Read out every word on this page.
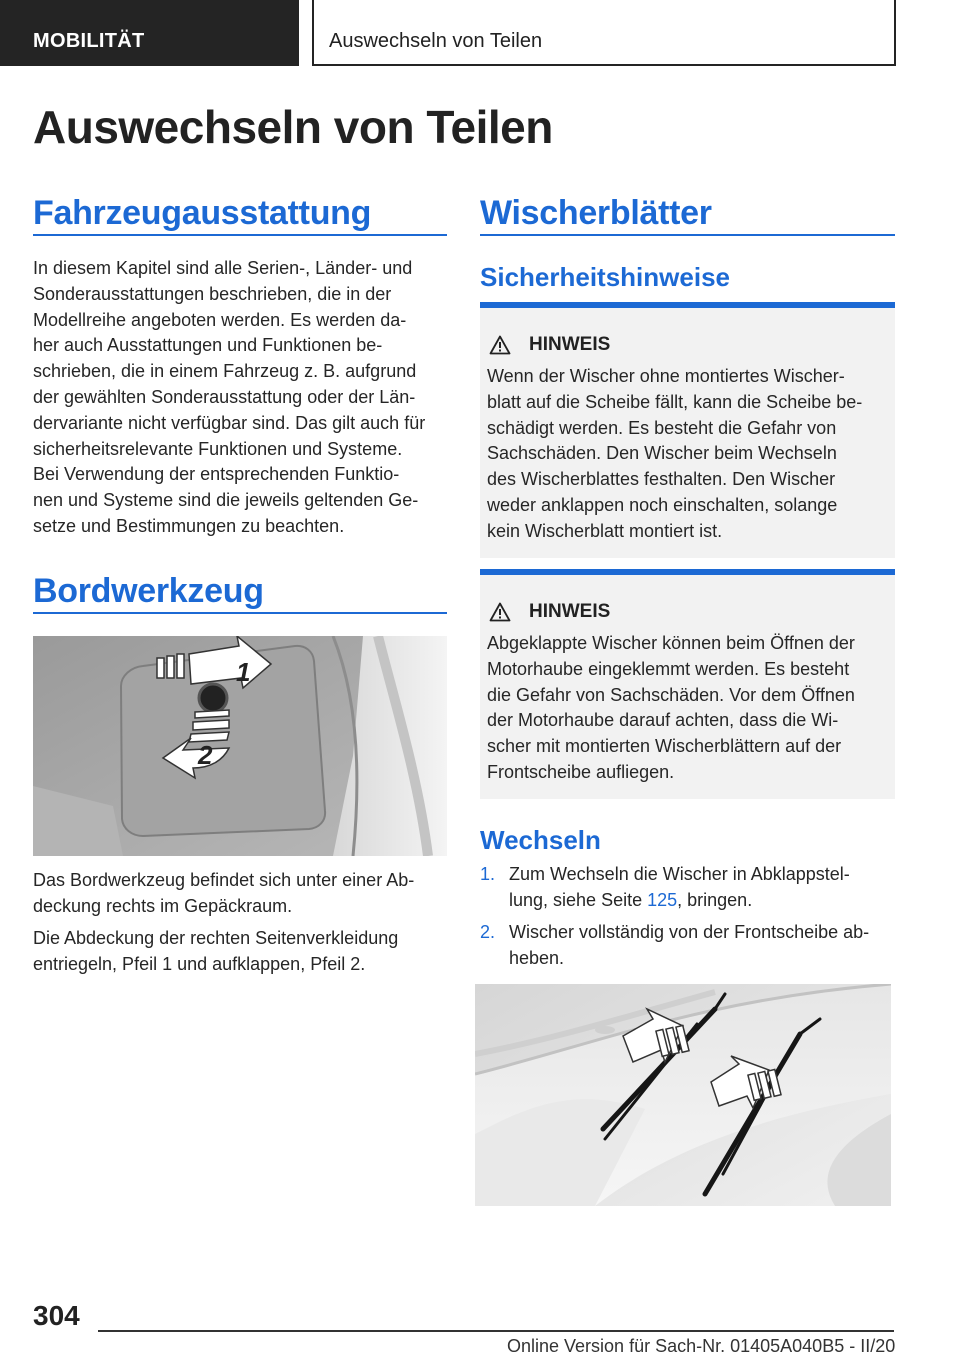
MOBILITÄT	Auswechseln von Teilen
Auswechseln von Teilen
Fahrzeugausstattung
In diesem Kapitel sind alle Serien-, Länder- und
Sonderausstattungen beschrieben, die in der
Modellreihe angeboten werden. Es werden da-
her auch Ausstattungen und Funktionen be-
schrieben, die in einem Fahrzeug z. B. aufgrund
der gewählten Sonderausstattung oder der Län-
dervariante nicht verfügbar sind. Das gilt auch für
sicherheitsrelevante Funktionen und Systeme.
Bei Verwendung der entsprechenden Funktio-
nen und Systeme sind die jeweils geltenden Ge-
setze und Bestimmungen zu beachten.
Bordwerkzeug
1
2
Das Bordwerkzeug befindet sich unter einer Ab-
deckung rechts im Gepäckraum.
Die Abdeckung der rechten Seitenverkleidung
entriegeln, Pfeil 1 und aufklappen, Pfeil 2.
Wischerblätter
Sicherheitshinweise
HINWEIS
Wenn der Wischer ohne montiertes Wischer-
blatt auf die Scheibe fällt, kann die Scheibe be-
schädigt werden. Es besteht die Gefahr von
Sachschäden. Den Wischer beim Wechseln
des Wischerblattes festhalten. Den Wischer
weder anklappen noch einschalten, solange
kein Wischerblatt montiert ist.
HINWEIS
Abgeklappte Wischer können beim Öffnen der
Motorhaube eingeklemmt werden. Es besteht
die Gefahr von Sachschäden. Vor dem Öffnen
der Motorhaube darauf achten, dass die Wi-
scher mit montierten Wischerblättern auf der
Frontscheibe aufliegen.
Wechseln
1. Zum Wechseln die Wischer in Abklappstel-
lung, siehe Seite 125, bringen.
2. Wischer vollständig von der Frontscheibe ab-
heben.
304
Online Version für Sach-Nr. 01405A040B5 - II/20
